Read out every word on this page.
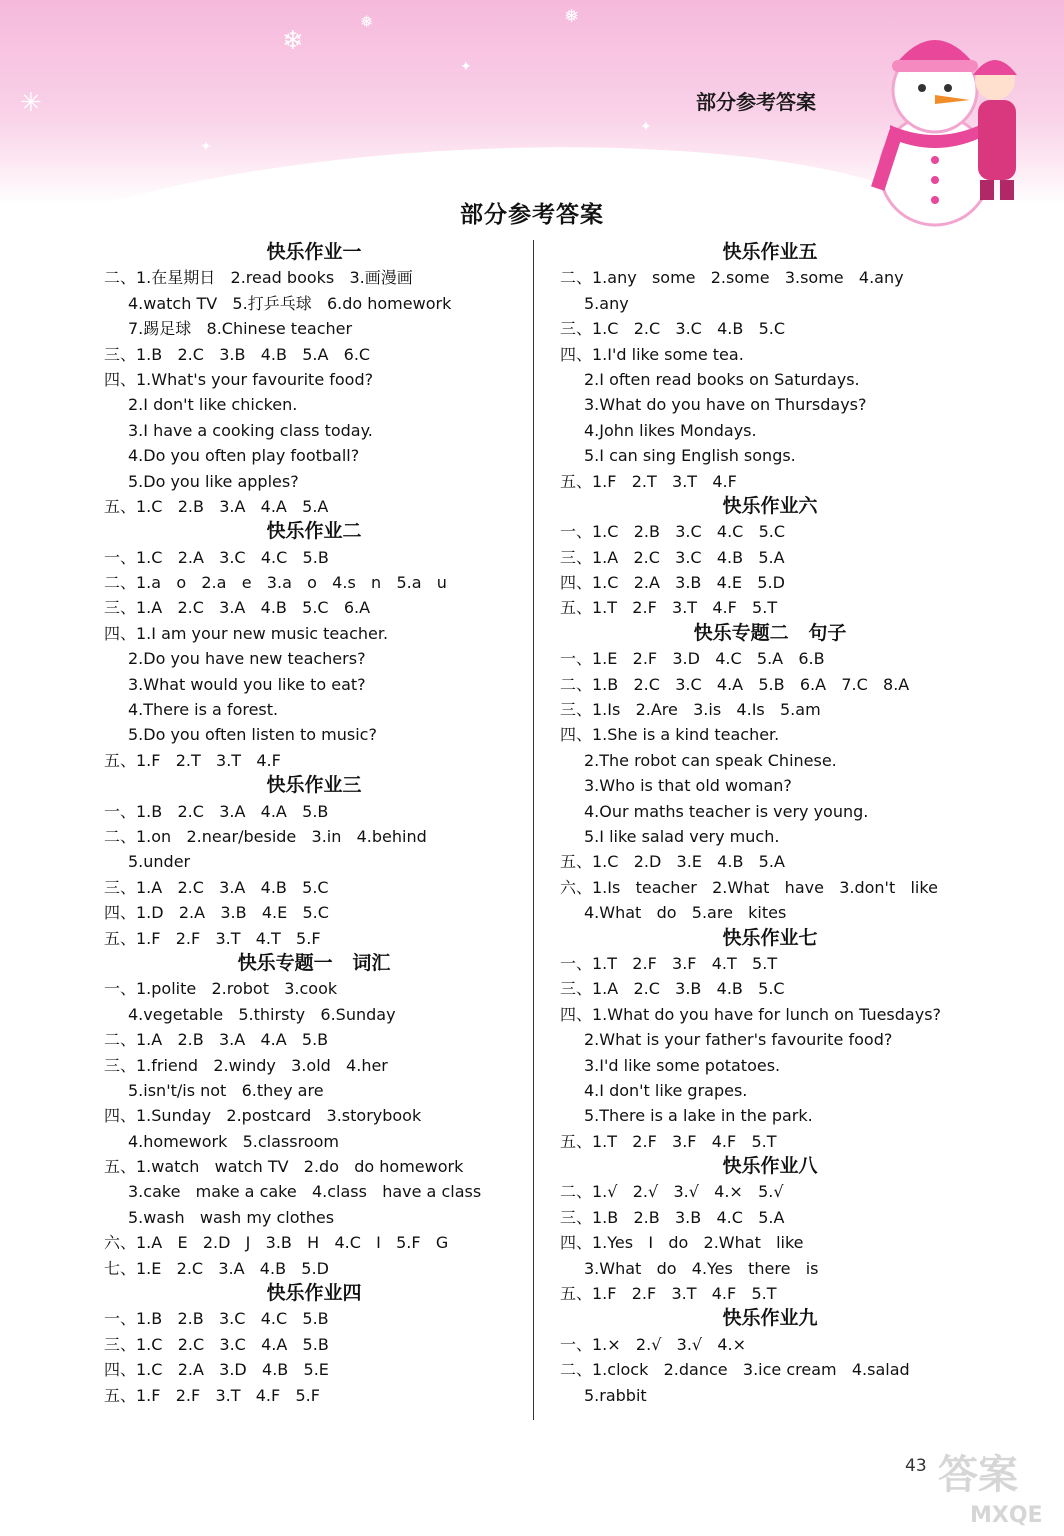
✳
❄
❅	❅
✦
✦
✦
部分参考答案
部分参考答案
快乐作业一
二、1.在星期日   2.read books   3.画漫画
4.watch TV   5.打乒乓球   6.do homework
7.踢足球   8.Chinese teacher
三、1.B   2.C   3.B   4.B   5.A   6.C
四、1.What's your favourite food?
2.I don't like chicken.
3.I have a cooking class today.
4.Do you often play football?
5.Do you like apples?
五、1.C   2.B   3.A   4.A   5.A
快乐作业二
一、1.C   2.A   3.C   4.C   5.B
二、1.a   o   2.a   e   3.a   o   4.s   n   5.a   u
三、1.A   2.C   3.A   4.B   5.C   6.A
四、1.I am your new music teacher.
2.Do you have new teachers?
3.What would you like to eat?
4.There is a forest.
5.Do you often listen to music?
五、1.F   2.T   3.T   4.F
快乐作业三
一、1.B   2.C   3.A   4.A   5.B
二、1.on   2.near/beside   3.in   4.behind
5.under
三、1.A   2.C   3.A   4.B   5.C
四、1.D   2.A   3.B   4.E   5.C
五、1.F   2.F   3.T   4.T   5.F
快乐专题一   词汇
一、1.polite   2.robot   3.cook
4.vegetable   5.thirsty   6.Sunday
二、1.A   2.B   3.A   4.A   5.B
三、1.friend   2.windy   3.old   4.her
5.isn't/is not   6.they are
四、1.Sunday   2.postcard   3.storybook
4.homework   5.classroom
五、1.watch   watch TV   2.do   do homework
3.cake   make a cake   4.class   have a class
5.wash   wash my clothes
六、1.A   E   2.D   J   3.B   H   4.C   I   5.F   G
七、1.E   2.C   3.A   4.B   5.D
快乐作业四
一、1.B   2.B   3.C   4.C   5.B
三、1.C   2.C   3.C   4.A   5.B
四、1.C   2.A   3.D   4.B   5.E
五、1.F   2.F   3.T   4.F   5.F
快乐作业五
二、1.any   some   2.some   3.some   4.any
5.any
三、1.C   2.C   3.C   4.B   5.C
四、1.I'd like some tea.
2.I often read books on Saturdays.
3.What do you have on Thursdays?
4.John likes Mondays.
5.I can sing English songs.
五、1.F   2.T   3.T   4.F
快乐作业六
一、1.C   2.B   3.C   4.C   5.C
三、1.A   2.C   3.C   4.B   5.A
四、1.C   2.A   3.B   4.E   5.D
五、1.T   2.F   3.T   4.F   5.T
快乐专题二   句子
一、1.E   2.F   3.D   4.C   5.A   6.B
二、1.B   2.C   3.C   4.A   5.B   6.A   7.C   8.A
三、1.Is   2.Are   3.is   4.Is   5.am
四、1.She is a kind teacher.
2.The robot can speak Chinese.
3.Who is that old woman?
4.Our maths teacher is very young.
5.I like salad very much.
五、1.C   2.D   3.E   4.B   5.A
六、1.Is   teacher   2.What   have   3.don't   like
4.What   do   5.are   kites
快乐作业七
一、1.T   2.F   3.F   4.T   5.T
三、1.A   2.C   3.B   4.B   5.C
四、1.What do you have for lunch on Tuesdays?
2.What is your father's favourite food?
3.I'd like some potatoes.
4.I don't like grapes.
5.There is a lake in the park.
五、1.T   2.F   3.F   4.F   5.T
快乐作业八
二、1.√   2.√   3.√   4.×   5.√
三、1.B   2.B   3.B   4.C   5.A
四、1.Yes   I   do   2.What   like
3.What   do   4.Yes   there   is
五、1.F   2.F   3.T   4.F   5.T
快乐作业九
一、1.×   2.√   3.√   4.×
二、1.clock   2.dance   3.ice cream   4.salad
5.rabbit
答案
MXQE
43
